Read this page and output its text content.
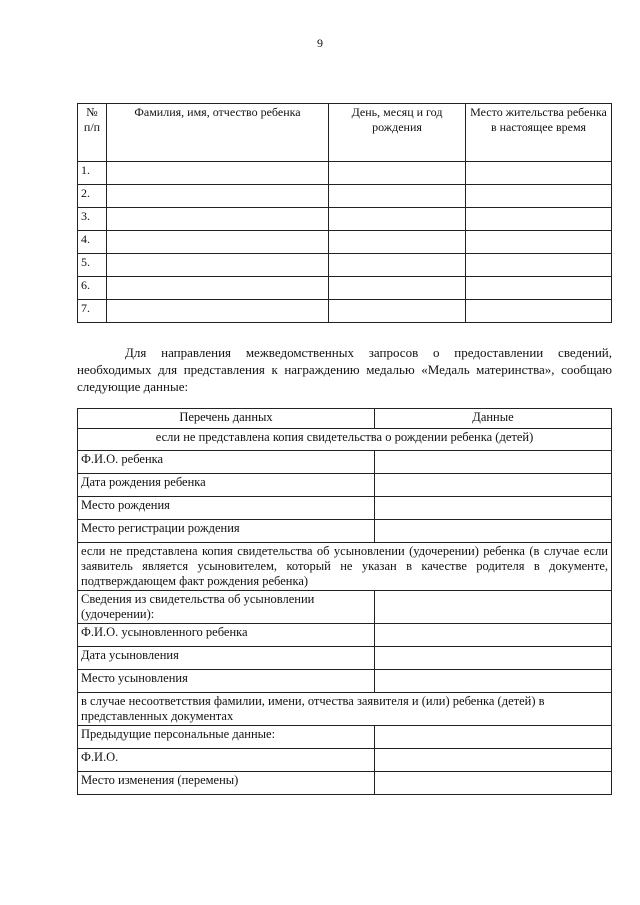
9
№ п/п	Фамилия, имя, отчество ребенка	День, месяц и год рождения	Место жительства ребенка в настоящее время
1.			
2.			
3.			
4.			
5.			
6.			
7.			

Для направления межведомственных запросов о предоставлении сведений, необходимых для представления к награждению медалью «Медаль материнства», сообщаю следующие данные:

Перечень данных	Данные
если не представлена копия свидетельства о рождении ребенка (детей)	
Ф.И.О. ребенка	
Дата рождения ребенка	
Место рождения	
Место регистрации рождения	
если не представлена копия свидетельства об усыновлении (удочерении) ребенка (в случае если заявитель является усыновителем, который не указан в качестве родителя в документе, подтверждающем факт рождения ребенка)	
Сведения из свидетельства об усыновлении (удочерении):	
Ф.И.О. усыновленного ребенка	
Дата усыновления	
Место усыновления	
в случае несоответствия фамилии, имени, отчества заявителя и (или) ребенка (детей) в представленных документах	
Предыдущие персональные данные:	
Ф.И.О.	
Место изменения (перемены)	
